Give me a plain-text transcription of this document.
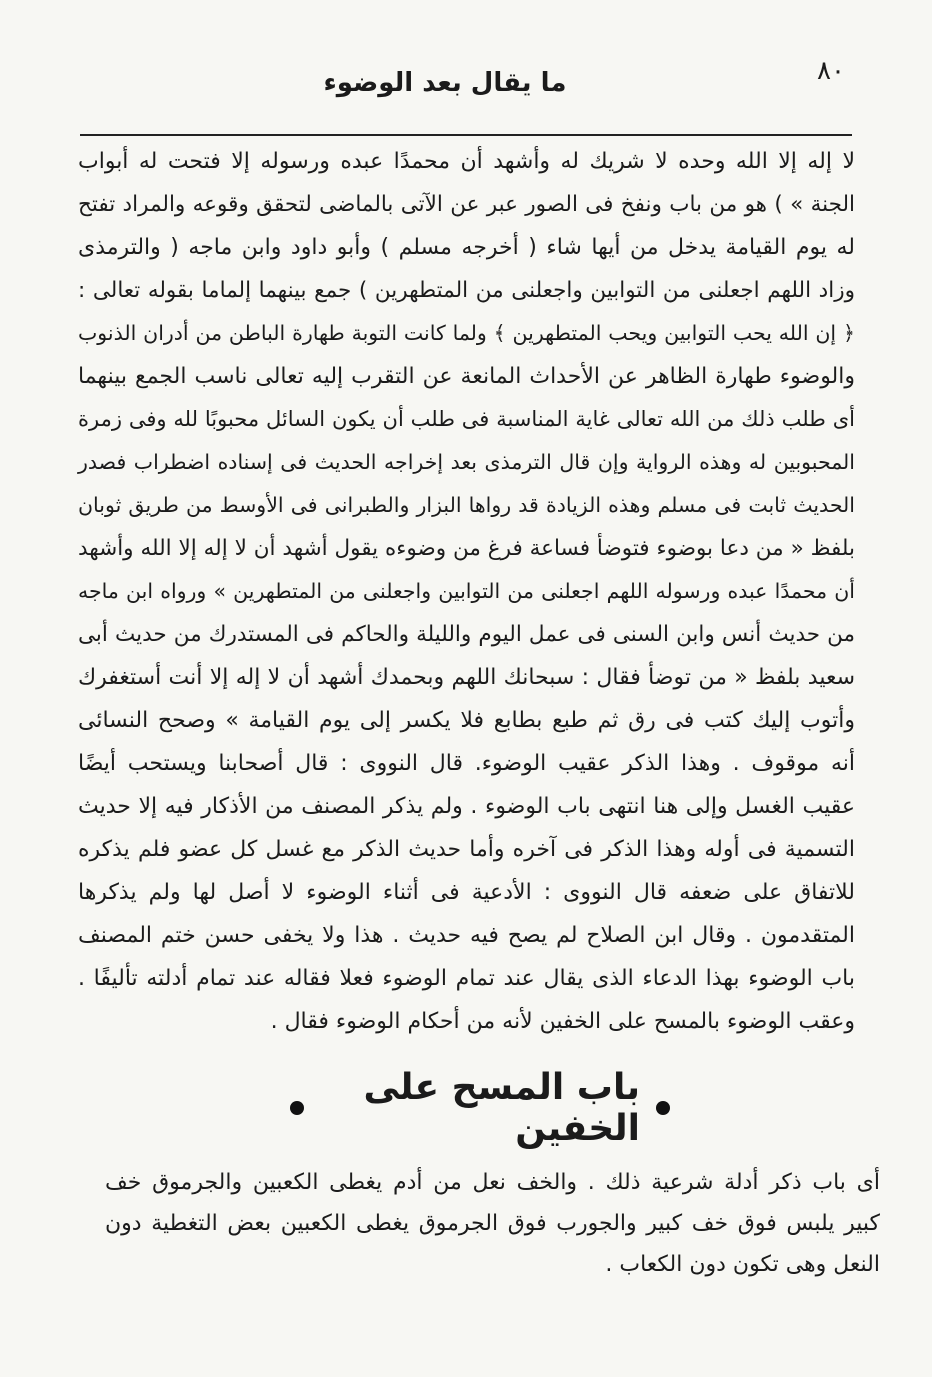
٨٠
ما يقال بعد الوضوء
لا إله إلا الله وحده لا شريك له وأشهد أن محمدًا عبده ورسوله إلا فتحت له أبواب
الجنة » ) هو من باب ونفخ فى الصور عبر عن الآتى بالماضى لتحقق وقوعه والمراد تفتح
له يوم القيامة يدخل من أيها شاء ( أخرجه مسلم ) وأبو داود وابن ماجه ( والترمذى
وزاد اللهم اجعلنى من التوابين واجعلنى من المتطهرين ) جمع بينهما إلماما بقوله تعالى :
﴿ إن الله يحب التوابين ويحب المتطهرين ﴾ ولما كانت التوبة طهارة الباطن من أدران الذنوب
والوضوء طهارة الظاهر عن الأحداث المانعة عن التقرب إليه تعالى ناسب الجمع بينهما
أى طلب ذلك من الله تعالى غاية المناسبة فى طلب أن يكون السائل محبوبًا لله وفى زمرة
المحبوبين له وهذه الرواية وإن قال الترمذى بعد إخراجه الحديث فى إسناده اضطراب فصدر
الحديث ثابت فى مسلم وهذه الزيادة قد رواها البزار والطبرانى فى الأوسط من طريق ثوبان
بلفظ « من دعا بوضوء فتوضأ فساعة فرغ من وضوءه يقول أشهد أن لا إله إلا الله وأشهد
أن محمدًا عبده ورسوله اللهم اجعلنى من التوابين واجعلنى من المتطهرين » ورواه ابن ماجه
من حديث أنس وابن السنى فى عمل اليوم والليلة والحاكم فى المستدرك من حديث أبى
سعيد بلفظ « من توضأ فقال : سبحانك اللهم وبحمدك أشهد أن لا إله إلا أنت أستغفرك
وأتوب إليك كتب فى رق ثم طبع بطابع فلا يكسر إلى يوم القيامة » وصحح النسائى
أنه موقوف . وهذا الذكر عقيب الوضوء. قال النووى : قال أصحابنا ويستحب أيضًا
عقيب الغسل وإلى هنا انتهى باب الوضوء . ولم يذكر المصنف من الأذكار فيه إلا حديث
التسمية فى أوله وهذا الذكر فى آخره وأما حديث الذكر مع غسل كل عضو فلم يذكره
للاتفاق على ضعفه قال النووى : الأدعية فى أثناء الوضوء لا أصل لها ولم يذكرها
المتقدمون . وقال ابن الصلاح لم يصح فيه حديث . هذا ولا يخفى حسن ختم المصنف
باب الوضوء بهذا الدعاء الذى يقال عند تمام الوضوء فعلا فقاله عند تمام أدلته تأليفًا .
وعقب الوضوء بالمسح على الخفين لأنه من أحكام الوضوء فقال .
باب المسح على الخفين
أى باب ذكر أدلة شرعية ذلك . والخف نعل من أدم يغطى الكعبين والجرموق خف
كبير يلبس فوق خف كبير والجورب فوق الجرموق يغطى الكعبين بعض التغطية دون
النعل وهى تكون دون الكعاب .
